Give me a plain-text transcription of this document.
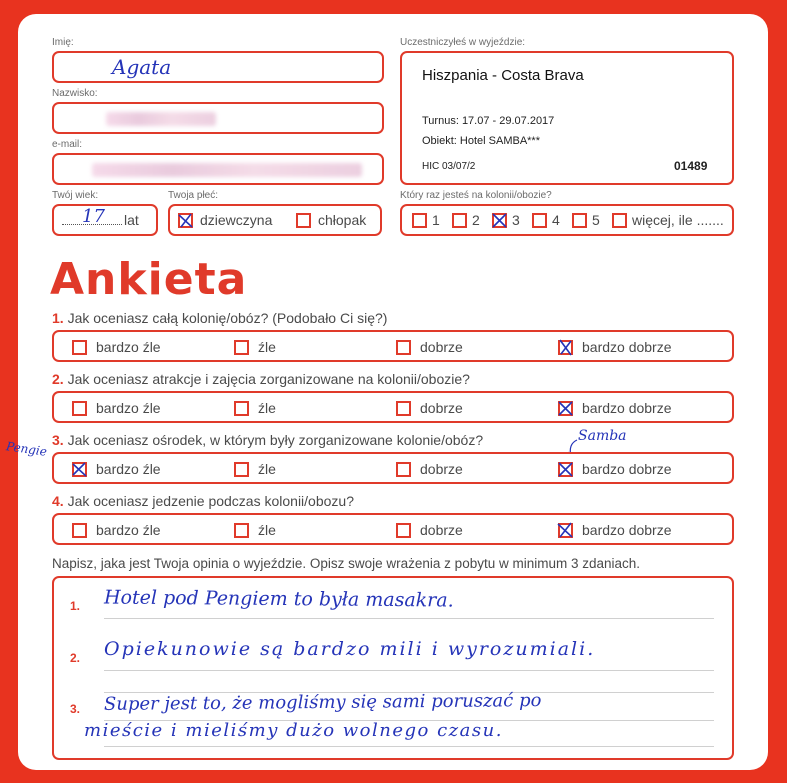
Imię:
Agata
Nazwisko:
e-mail:
Twój wiek:
17 lat
Twoja płeć:
dziewczyna	chłopak
Uczestniczyłeś w wyjeździe:
Hiszpania - Costa Brava
Turnus: 17.07 - 29.07.2017
Obiekt: Hotel SAMBA***
HIC 03/07/2	01489
Który raz jesteś na kolonii/obozie?
1 2 3 4 5 więcej, ile .......
Ankieta
1. Jak oceniasz całą kolonię/obóz? (Podobało Ci się?)
bardzo źle	źle	dobrze	bardzo dobrze
2. Jak oceniasz atrakcje i zajęcia zorganizowane na kolonii/obozie?
bardzo źle	źle	dobrze	bardzo dobrze
3. Jak oceniasz ośrodek, w którym były zorganizowane kolonie/obóz?
Pengie
Samba
bardzo źle	źle	dobrze	bardzo dobrze
4. Jak oceniasz jedzenie podczas kolonii/obozu?
bardzo źle	źle	dobrze	bardzo dobrze
Napisz, jaka jest Twoja opinia o wyjeździe. Opisz swoje wrażenia z pobytu w minimum 3 zdaniach.
1. Hotel pod Pengiem to była masakra.
2. Opiekunowie są bardzo mili i wyrozumiali.
3. Super jest to, że mogliśmy się sami poruszać po
mieście i mieliśmy dużo wolnego czasu.
